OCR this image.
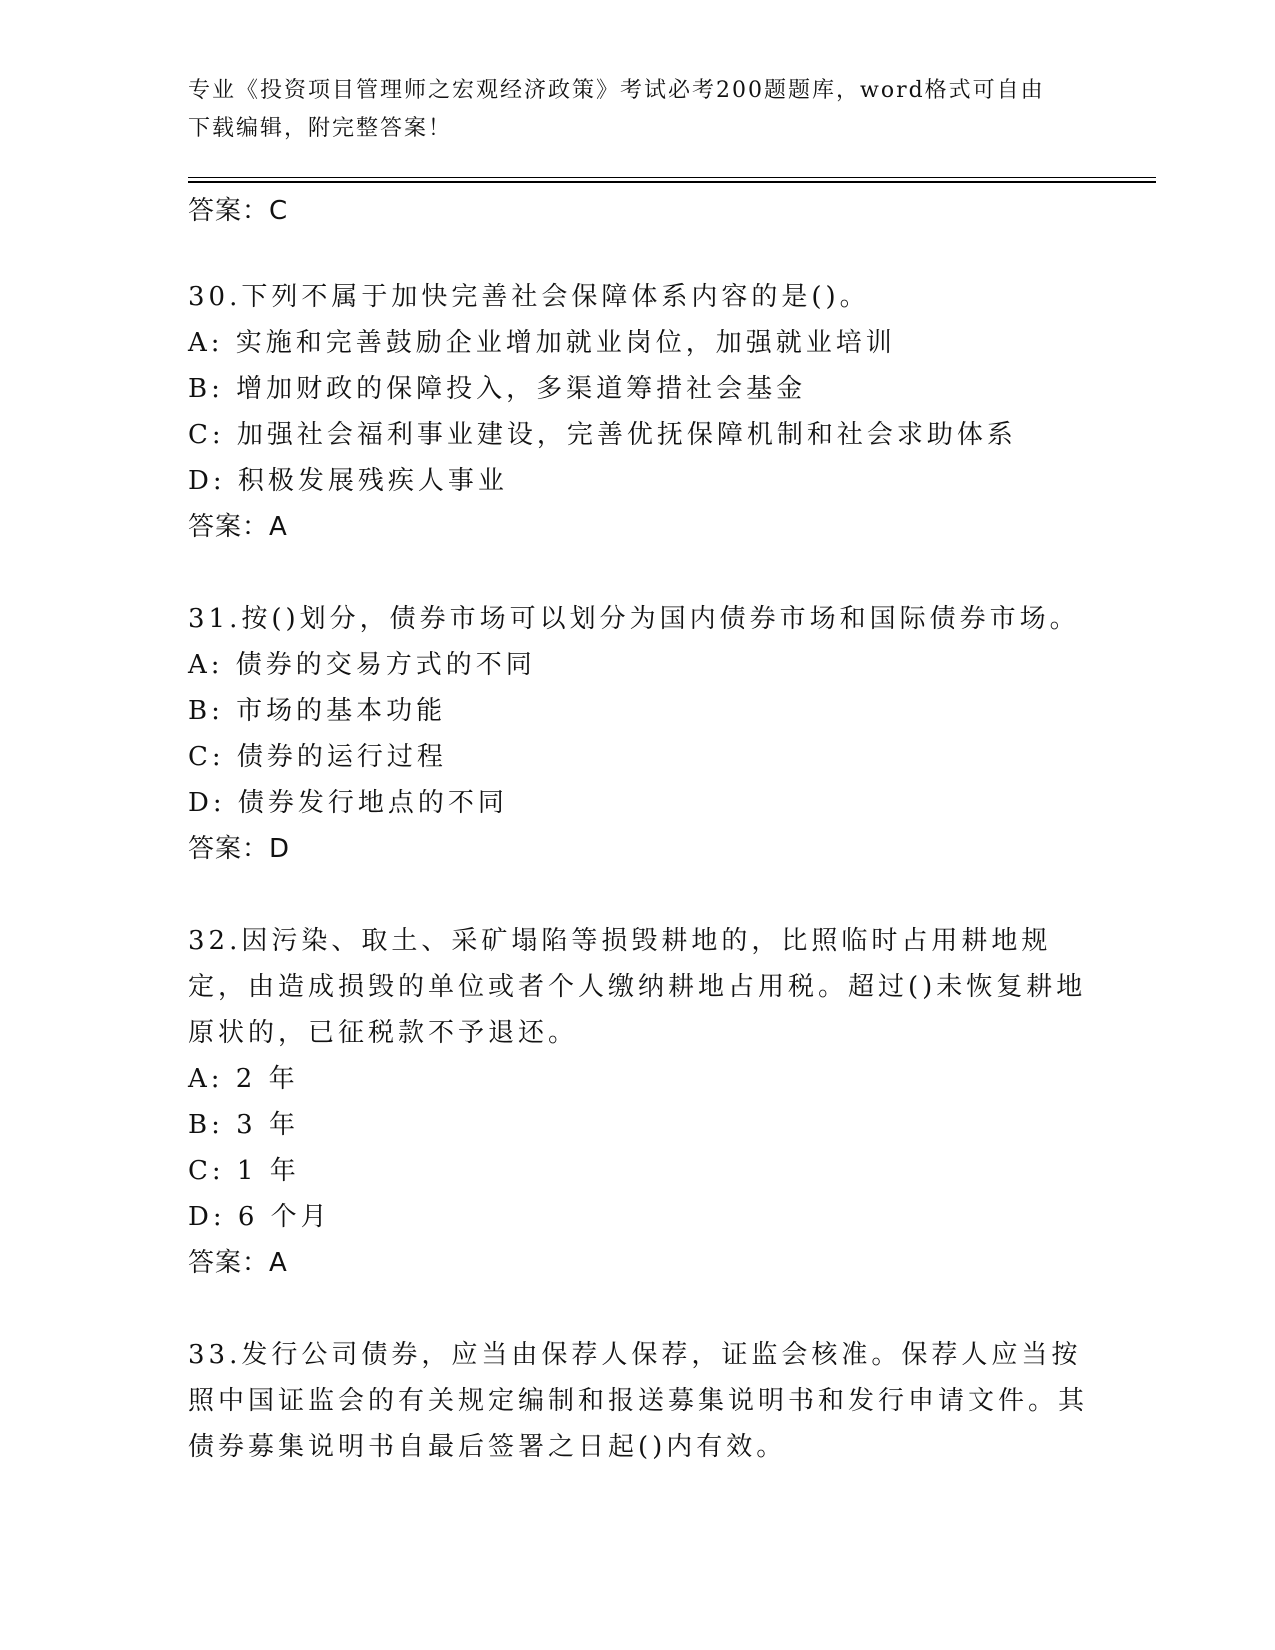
专业《投资项目管理师之宏观经济政策》考试必考200题题库，word格式可自由下载编辑，附完整答案！
答案：C
30.下列不属于加快完善社会保障体系内容的是()。
A: 实施和完善鼓励企业增加就业岗位，加强就业培训
B: 增加财政的保障投入，多渠道筹措社会基金
C: 加强社会福利事业建设，完善优抚保障机制和社会求助体系
D: 积极发展残疾人事业
答案：A
31.按()划分，债券市场可以划分为国内债券市场和国际债券市场。
A: 债券的交易方式的不同
B: 市场的基本功能
C: 债券的运行过程
D: 债券发行地点的不同
答案：D
32.因污染、取土、采矿塌陷等损毁耕地的，比照临时占用耕地规定，由造成损毁的单位或者个人缴纳耕地占用税。超过()未恢复耕地原状的，已征税款不予退还。
A: 2 年
B: 3 年
C: 1 年
D: 6 个月
答案：A
33.发行公司债券，应当由保荐人保荐，证监会核准。保荐人应当按照中国证监会的有关规定编制和报送募集说明书和发行申请文件。其债券募集说明书自最后签署之日起()内有效。
